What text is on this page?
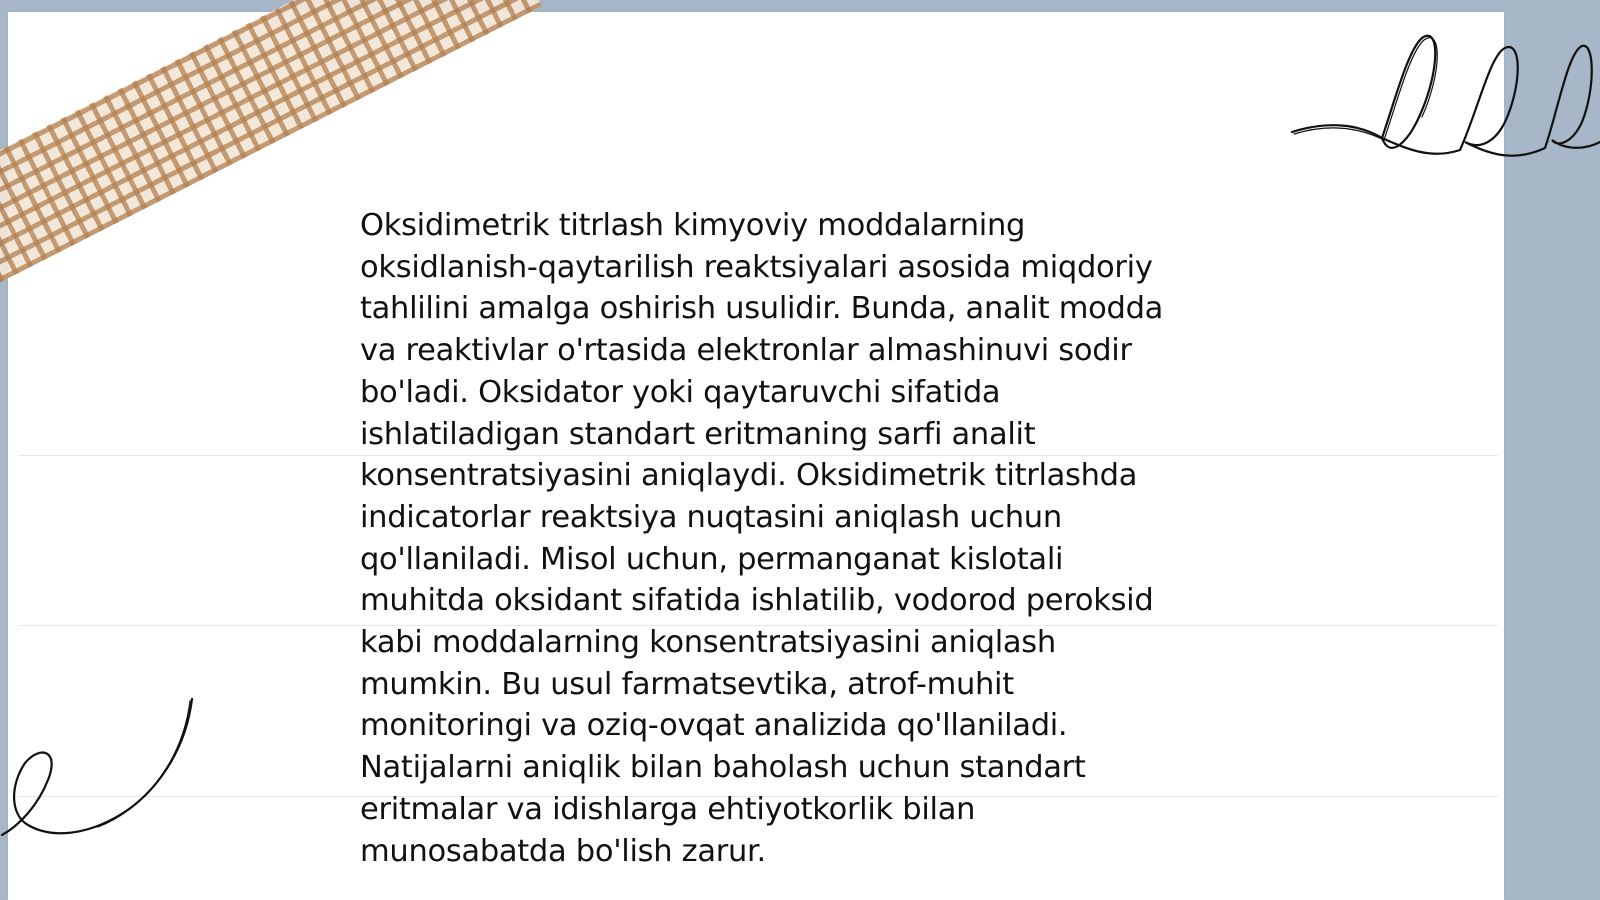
Oksidimetrik titrlash kimyoviy moddalarning
oksidlanish-qaytarilish reaktsiyalari asosida miqdoriy
tahlilini amalga oshirish usulidir. Bunda, analit modda
va reaktivlar o'rtasida elektronlar almashinuvi sodir
bo'ladi. Oksidator yoki qaytaruvchi sifatida
ishlatiladigan standart eritmaning sarfi analit
konsentratsiyasini aniqlaydi. Oksidimetrik titrlashda
indicatorlar reaktsiya nuqtasini aniqlash uchun
qo'llaniladi. Misol uchun, permanganat kislotali
muhitda oksidant sifatida ishlatilib, vodorod peroksid
kabi moddalarning konsentratsiyasini aniqlash
mumkin. Bu usul farmatsevtika, atrof-muhit
monitoringi va oziq-ovqat analizida qo'llaniladi.
Natijalarni aniqlik bilan baholash uchun standart
eritmalar va idishlarga ehtiyotkorlik bilan
munosabatda bo'lish zarur.
